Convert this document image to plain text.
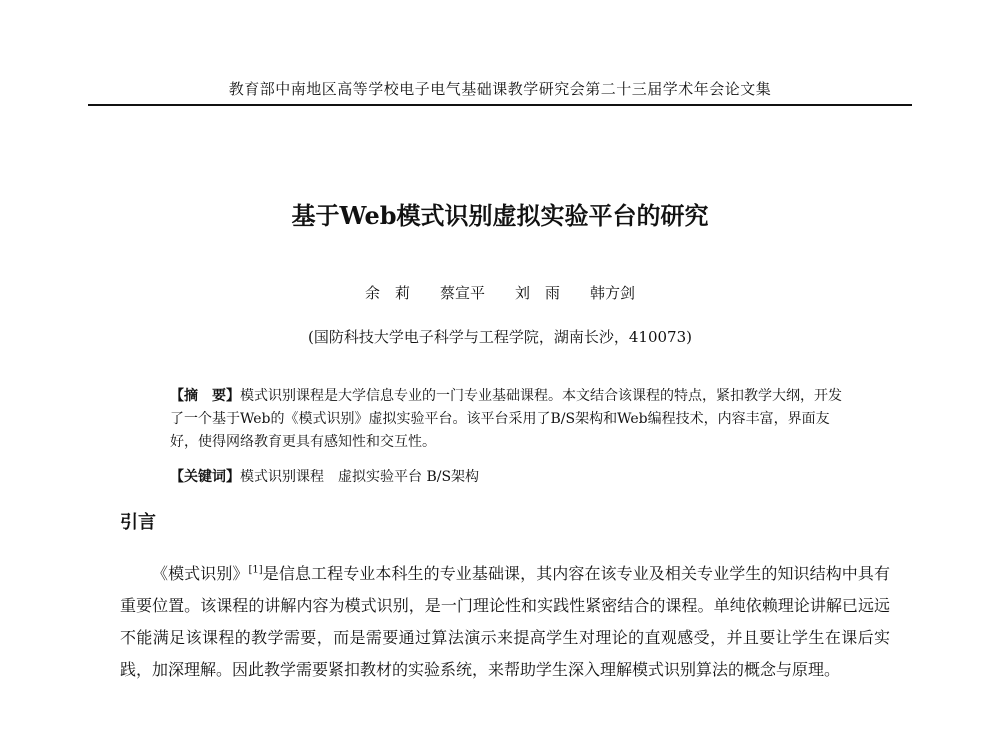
教育部中南地区高等学校电子电气基础课教学研究会第二十三届学术年会论文集
基于Web模式识别虚拟实验平台的研究
余　莉　　蔡宣平　　刘　雨　　韩方剑
(国防科技大学电子科学与工程学院，湖南长沙，410073)
【摘　要】模式识别课程是大学信息专业的一门专业基础课程。本文结合该课程的特点，紧扣教学大纲，开发了一个基于Web的《模式识别》虚拟实验平台。该平台采用了B/S架构和Web编程技术，内容丰富，界面友好，使得网络教育更具有感知性和交互性。
【关键词】模式识别课程　虚拟实验平台 B/S架构
引言

《模式识别》[1]是信息工程专业本科生的专业基础课，其内容在该专业及相关专业学生的知识结构中具有重要位置。该课程的讲解内容为模式识别，是一门理论性和实践性紧密结合的课程。单纯依赖理论讲解已远远不能满足该课程的教学需要，而是需要通过算法演示来提高学生对理论的直观感受，并且要让学生在课后实践，加深理解。因此教学需要紧扣教材的实验系统，来帮助学生深入理解模式识别算法的概念与原理。
